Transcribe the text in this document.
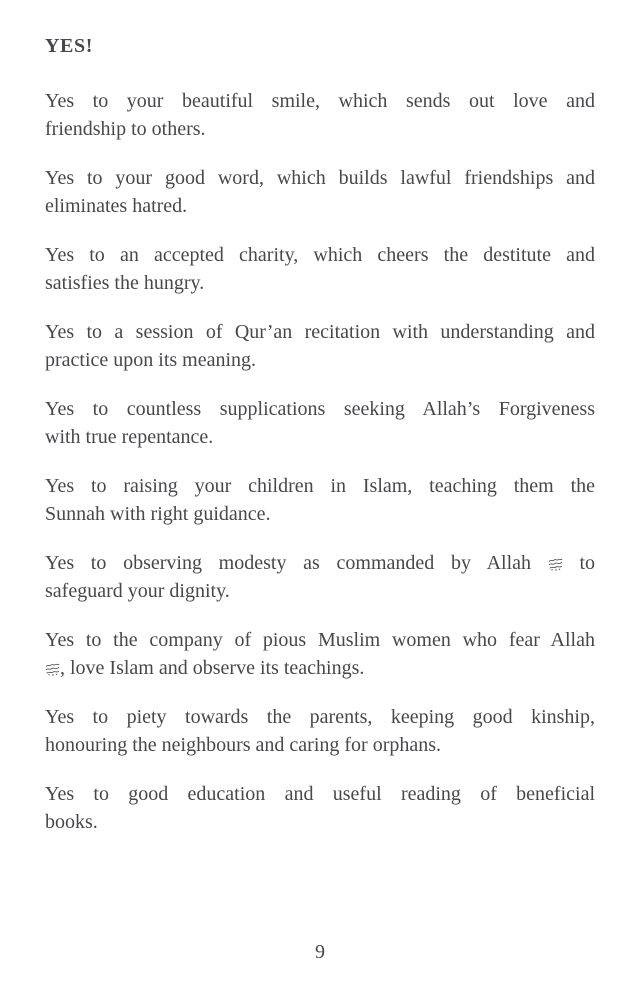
YES!

Yes to your beautiful smile, which sends out love and
friendship to others.

Yes to your good word, which builds lawful friendships and
eliminates hatred.

Yes to an accepted charity, which cheers the destitute and
satisfies the hungry.

Yes to a session of Qur’an recitation with understanding and
practice upon its meaning.

Yes to countless supplications seeking Allah’s Forgiveness
with true repentance.

Yes to raising your children in Islam, teaching them the
Sunnah with right guidance.

Yes to observing modesty as commanded by Allah
to
safeguard your dignity.

Yes to the company of pious Muslim women who fear Allah
, love Islam and observe its teachings.

Yes to piety towards the parents, keeping good kinship,
honouring the neighbours and caring for orphans.

Yes to good education and useful reading of beneficial
books.

9
